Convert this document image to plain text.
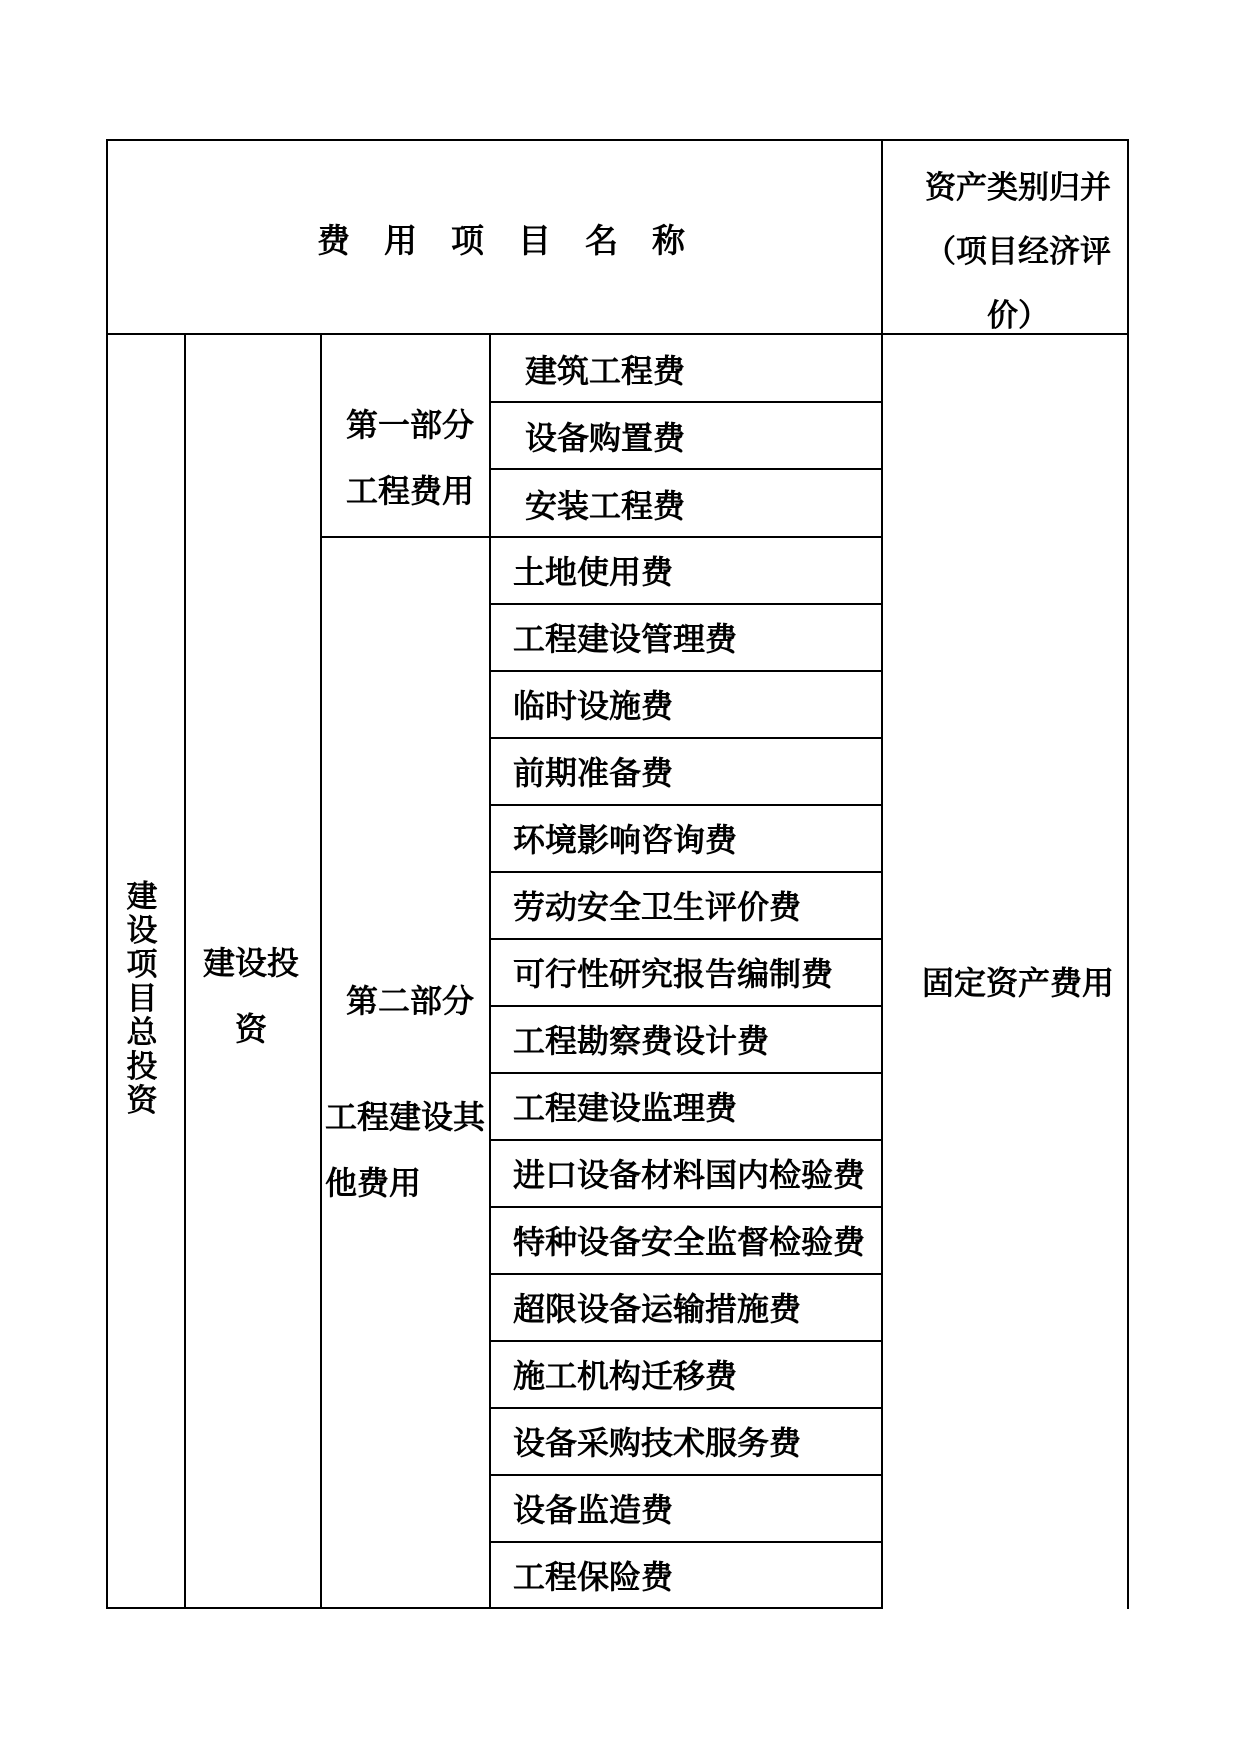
费用项目名称
资产类别归并
（项目经济评
价）
建设项目总投资
建设投资
第一部分
工程费用
建筑工程费
设备购置费
安装工程费
第二部分
工程建设其
他费用
土地使用费
工程建设管理费
临时设施费
前期准备费
环境影响咨询费
劳动安全卫生评价费
可行性研究报告编制费
工程勘察费设计费
工程建设监理费
进口设备材料国内检验费
特种设备安全监督检验费
超限设备运输措施费
施工机构迁移费
设备采购技术服务费
设备监造费
工程保险费
固定资产费用
